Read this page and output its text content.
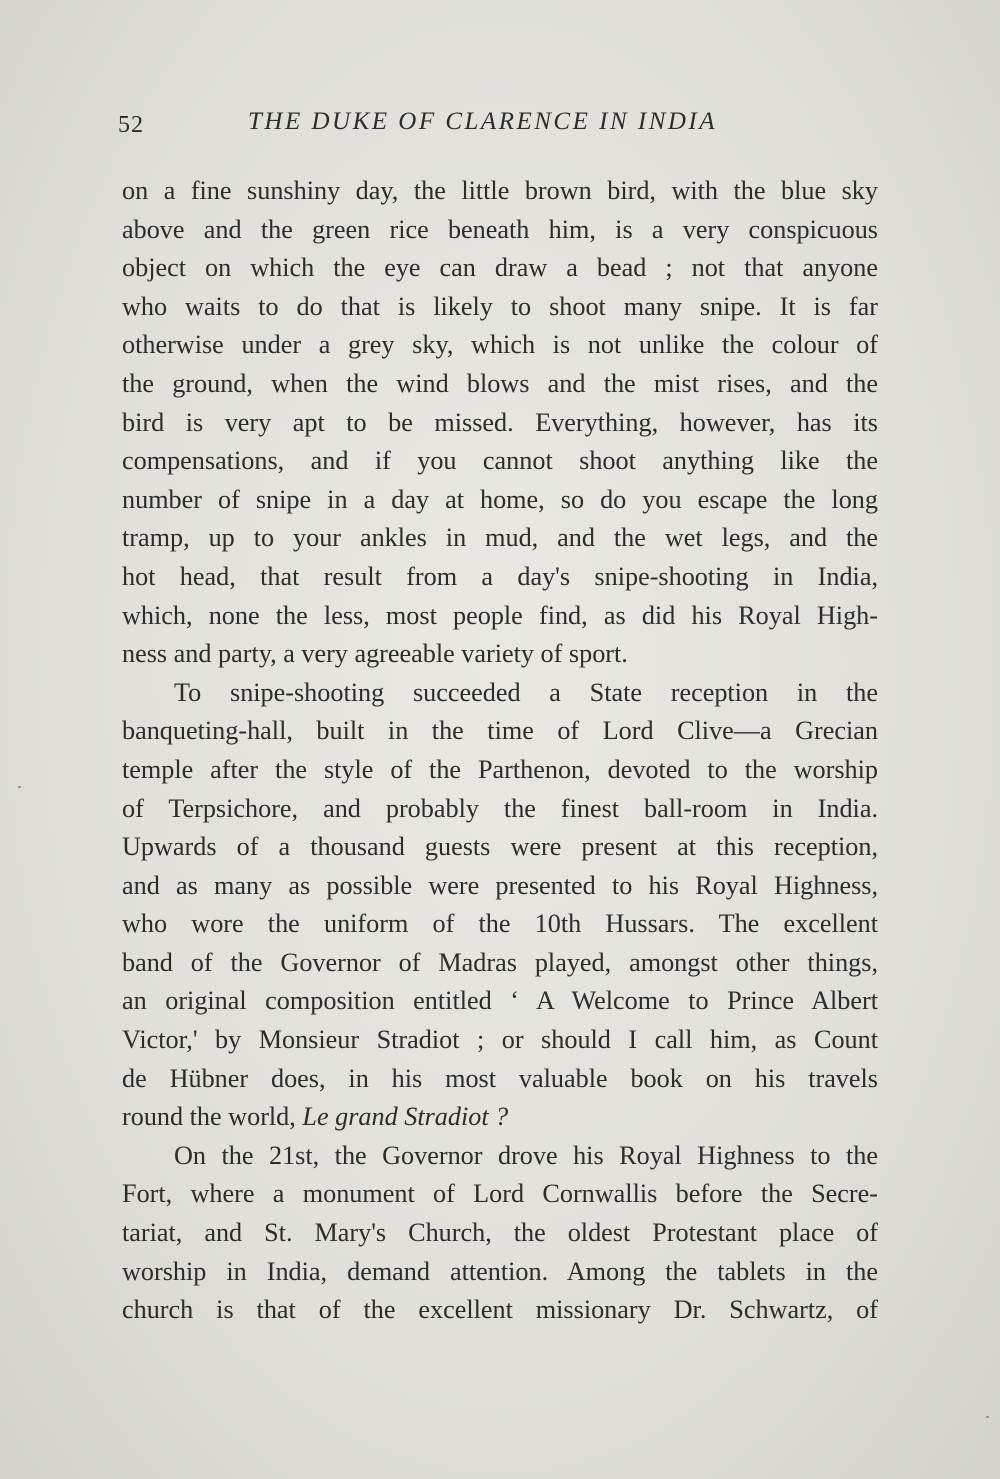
52	THE DUKE OF CLARENCE IN INDIA
on a fine sunshiny day, the little brown bird, with the blue sky
above and the green rice beneath him, is a very conspicuous
object on which the eye can draw a bead ; not that anyone
who waits to do that is likely to shoot many snipe. It is far
otherwise under a grey sky, which is not unlike the colour of
the ground, when the wind blows and the mist rises, and the
bird is very apt to be missed. Everything, however, has its
compensations, and if you cannot shoot anything like the
number of snipe in a day at home, so do you escape the long
tramp, up to your ankles in mud, and the wet legs, and the
hot head, that result from a day's snipe-shooting in India,
which, none the less, most people find, as did his Royal High-
ness and party, a very agreeable variety of sport.
To snipe-shooting succeeded a State reception in the
banqueting-hall, built in the time of Lord Clive—a Grecian
temple after the style of the Parthenon, devoted to the worship
of Terpsichore, and probably the finest ball-room in India.
Upwards of a thousand guests were present at this reception,
and as many as possible were presented to his Royal Highness,
who wore the uniform of the 10th Hussars. The excellent
band of the Governor of Madras played, amongst other things,
an original composition entitled ‘ A Welcome to Prince Albert
Victor,' by Monsieur Stradiot ; or should I call him, as Count
de Hübner does, in his most valuable book on his travels
round the world, Le grand Stradiot ?
On the 21st, the Governor drove his Royal Highness to the
Fort, where a monument of Lord Cornwallis before the Secre-
tariat, and St. Mary's Church, the oldest Protestant place of
worship in India, demand attention. Among the tablets in the
church is that of the excellent missionary Dr. Schwartz, of
